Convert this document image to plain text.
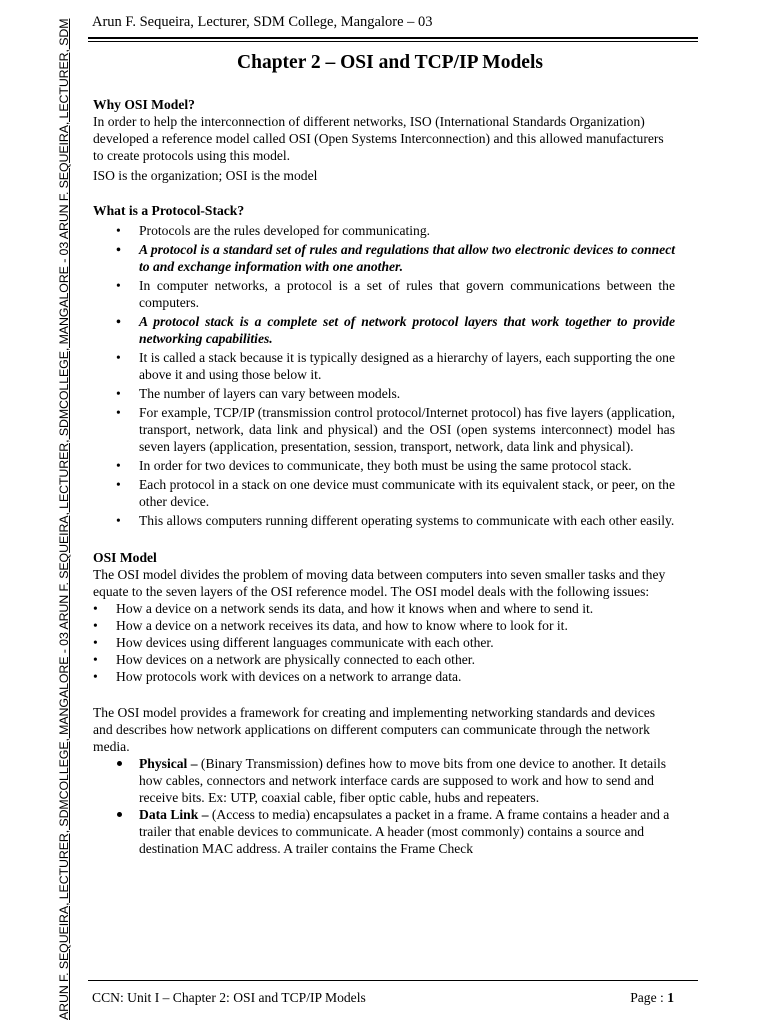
ARUN F. SEQUEIRA, LECTURER, SDMCOLLEGE, MANGALORE - 03 ARUN F. SEQUEIRA, LECTURER, SDMCOLLEGE, MANGALORE - 03 ARUN F. SEQUEIRA, LECTURER, SDM Arun F. Sequeira, Lecturer, SDM College, Mangalore – 03
Chapter 2 – OSI and TCP/IP Models
Why OSI Model?

In order to help the interconnection of different networks, ISO (International Standards Organization) developed a reference model called OSI (Open Systems Interconnection) and this allowed manufacturers to create protocols using this model.

ISO is the organization; OSI is the model

What is a Protocol-Stack?
• Protocols are the rules developed for communicating.
• A protocol is a standard set of rules and regulations that allow two electronic devices to connect to and exchange information with one another.
• In computer networks, a protocol is a set of rules that govern communications between the computers.
• A protocol stack is a complete set of network protocol layers that work together to provide networking capabilities.
• It is called a stack because it is typically designed as a hierarchy of layers, each supporting the one above it and using those below it.
• The number of layers can vary between models.
• For example, TCP/IP (transmission control protocol/Internet protocol) has five layers (application, transport, network, data link and physical) and the OSI (open systems interconnect) model has seven layers (application, presentation, session, transport, network, data link and physical).
• In order for two devices to communicate, they both must be using the same protocol stack.
• Each protocol in a stack on one device must communicate with its equivalent stack, or peer, on the other device.
• This allows computers running different operating systems to communicate with each other easily.
OSI Model

The OSI model divides the problem of moving data between computers into seven smaller tasks and they equate to the seven layers of the OSI reference model. The OSI model deals with the following issues:

• How a device on a network sends its data, and how it knows when and where to send it.
• How a device on a network receives its data, and how to know where to look for it.
• How devices using different languages communicate with each other.
• How devices on a network are physically connected to each other.
• How protocols work with devices on a network to arrange data.

The OSI model provides a framework for creating and implementing networking standards and devices and describes how network applications on different computers can communicate through the network media.

Physical – (Binary Transmission) defines how to move bits from one device to another. It details how cables, connectors and network interface cards are supposed to work and how to send and receive bits. Ex: UTP, coaxial cable, fiber optic cable, hubs and repeaters.
Data Link – (Access to media) encapsulates a packet in a frame. A frame contains a header and a trailer that enable devices to communicate. A header (most commonly) contains a source and destination MAC address. A trailer contains the Frame Check
CCN: Unit I – Chapter 2: OSI and TCP/IP Models	Page : 1
